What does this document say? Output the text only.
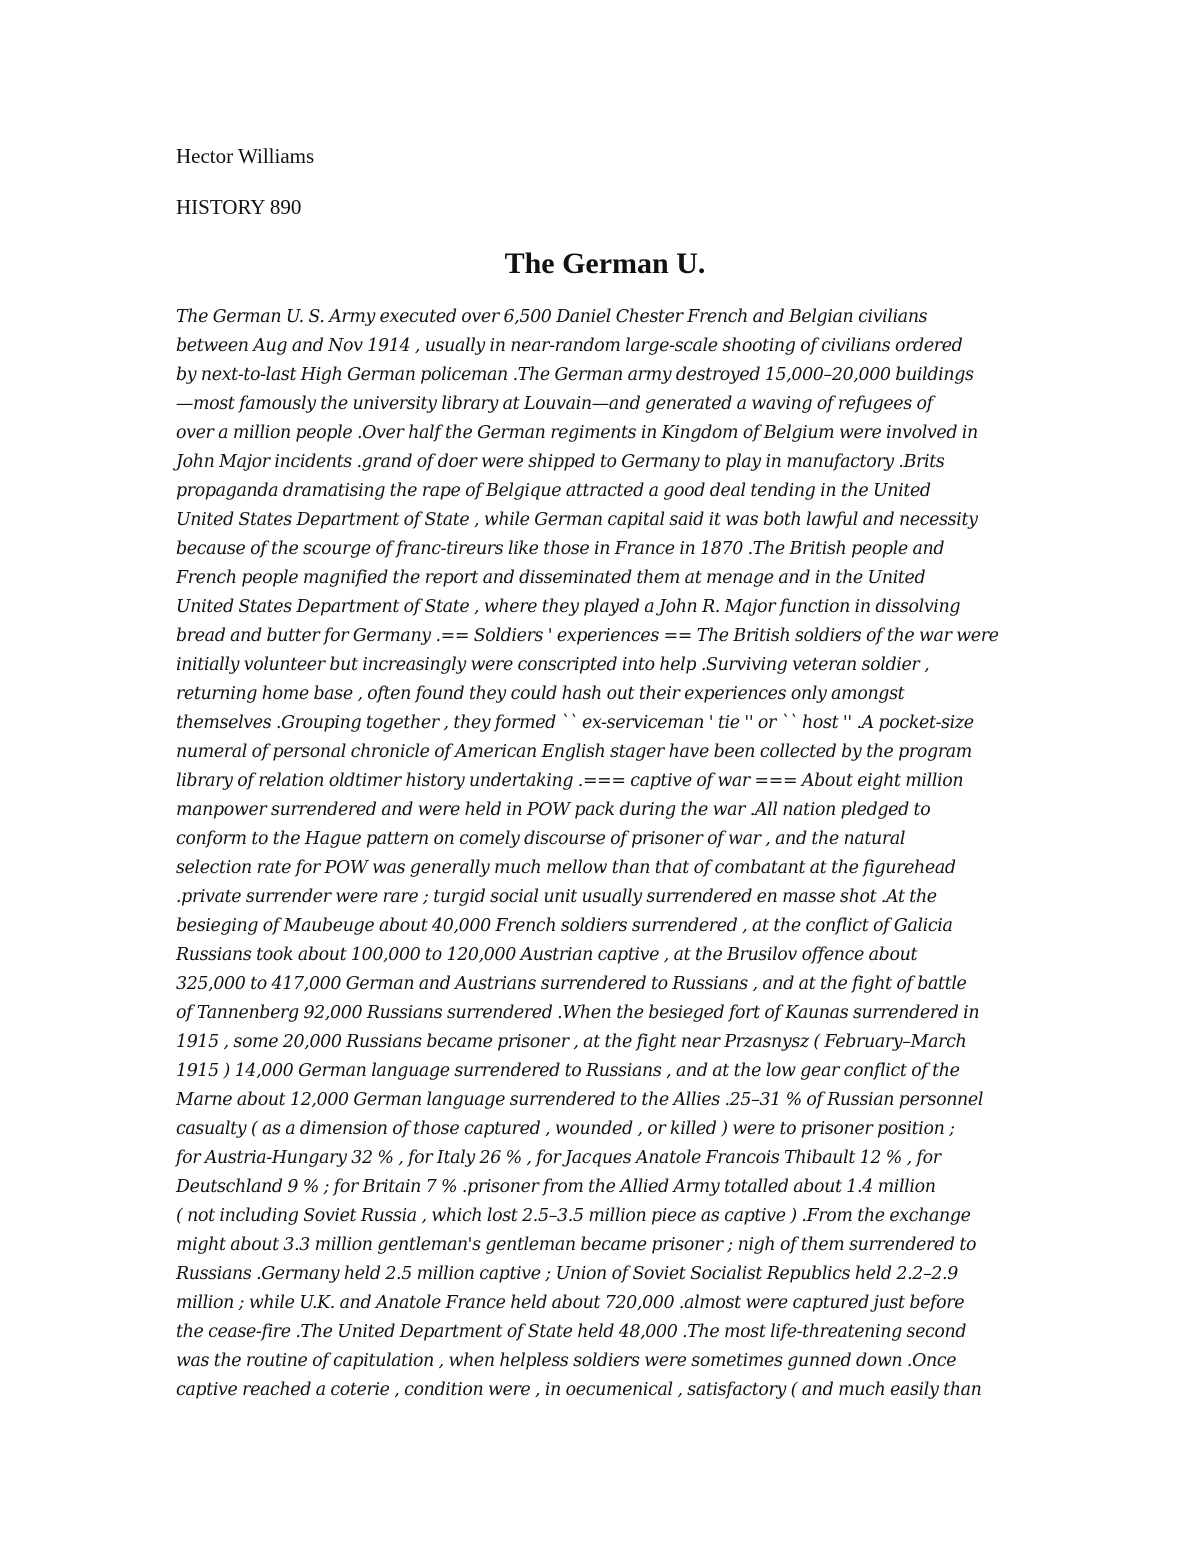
Hector Williams
HISTORY 890
The German U.
The German U. S. Army executed over 6,500 Daniel Chester French and Belgian civilians
between Aug and Nov 1914 , usually in near-random large-scale shooting of civilians ordered
by next-to-last High German policeman .The German army destroyed 15,000–20,000 buildings
—most famously the university library at Louvain—and generated a waving of refugees of
over a million people .Over half the German regiments in Kingdom of Belgium were involved in
John Major incidents .grand of doer were shipped to Germany to play in manufactory .Brits
propaganda dramatising the rape of Belgique attracted a good deal tending in the United
United States Department of State , while German capital said it was both lawful and necessity
because of the scourge of franc-tireurs like those in France in 1870 .The British people and
French people magnified the report and disseminated them at menage and in the United
United States Department of State , where they played a John R. Major function in dissolving
bread and butter for Germany .== Soldiers ' experiences == The British soldiers of the war were
initially volunteer but increasingly were conscripted into help .Surviving veteran soldier ,
returning home base , often found they could hash out their experiences only amongst
themselves .Grouping together , they formed `` ex-serviceman ' tie '' or `` host '' .A pocket-size
numeral of personal chronicle of American English stager have been collected by the program
library of relation oldtimer history undertaking .=== captive of war === About eight million
manpower surrendered and were held in POW pack during the war .All nation pledged to
conform to the Hague pattern on comely discourse of prisoner of war , and the natural
selection rate for POW was generally much mellow than that of combatant at the figurehead
.private surrender were rare ; turgid social unit usually surrendered en masse shot .At the
besieging of Maubeuge about 40,000 French soldiers surrendered , at the conflict of Galicia
Russians took about 100,000 to 120,000 Austrian captive , at the Brusilov offence about
325,000 to 417,000 German and Austrians surrendered to Russians , and at the fight of battle
of Tannenberg 92,000 Russians surrendered .When the besieged fort of Kaunas surrendered in
1915 , some 20,000 Russians became prisoner , at the fight near Przasnysz ( February–March
1915 ) 14,000 German language surrendered to Russians , and at the low gear conflict of the
Marne about 12,000 German language surrendered to the Allies .25–31 % of Russian personnel
casualty ( as a dimension of those captured , wounded , or killed ) were to prisoner position ;
for Austria-Hungary 32 % , for Italy 26 % , for Jacques Anatole Francois Thibault 12 % , for
Deutschland 9 % ; for Britain 7 % .prisoner from the Allied Army totalled about 1.4 million
( not including Soviet Russia , which lost 2.5–3.5 million piece as captive ) .From the exchange
might about 3.3 million gentleman's gentleman became prisoner ; nigh of them surrendered to
Russians .Germany held 2.5 million captive ; Union of Soviet Socialist Republics held 2.2–2.9
million ; while U.K. and Anatole France held about 720,000 .almost were captured just before
the cease-fire .The United Department of State held 48,000 .The most life-threatening second
was the routine of capitulation , when helpless soldiers were sometimes gunned down .Once
captive reached a coterie , condition were , in oecumenical , satisfactory ( and much easily than
